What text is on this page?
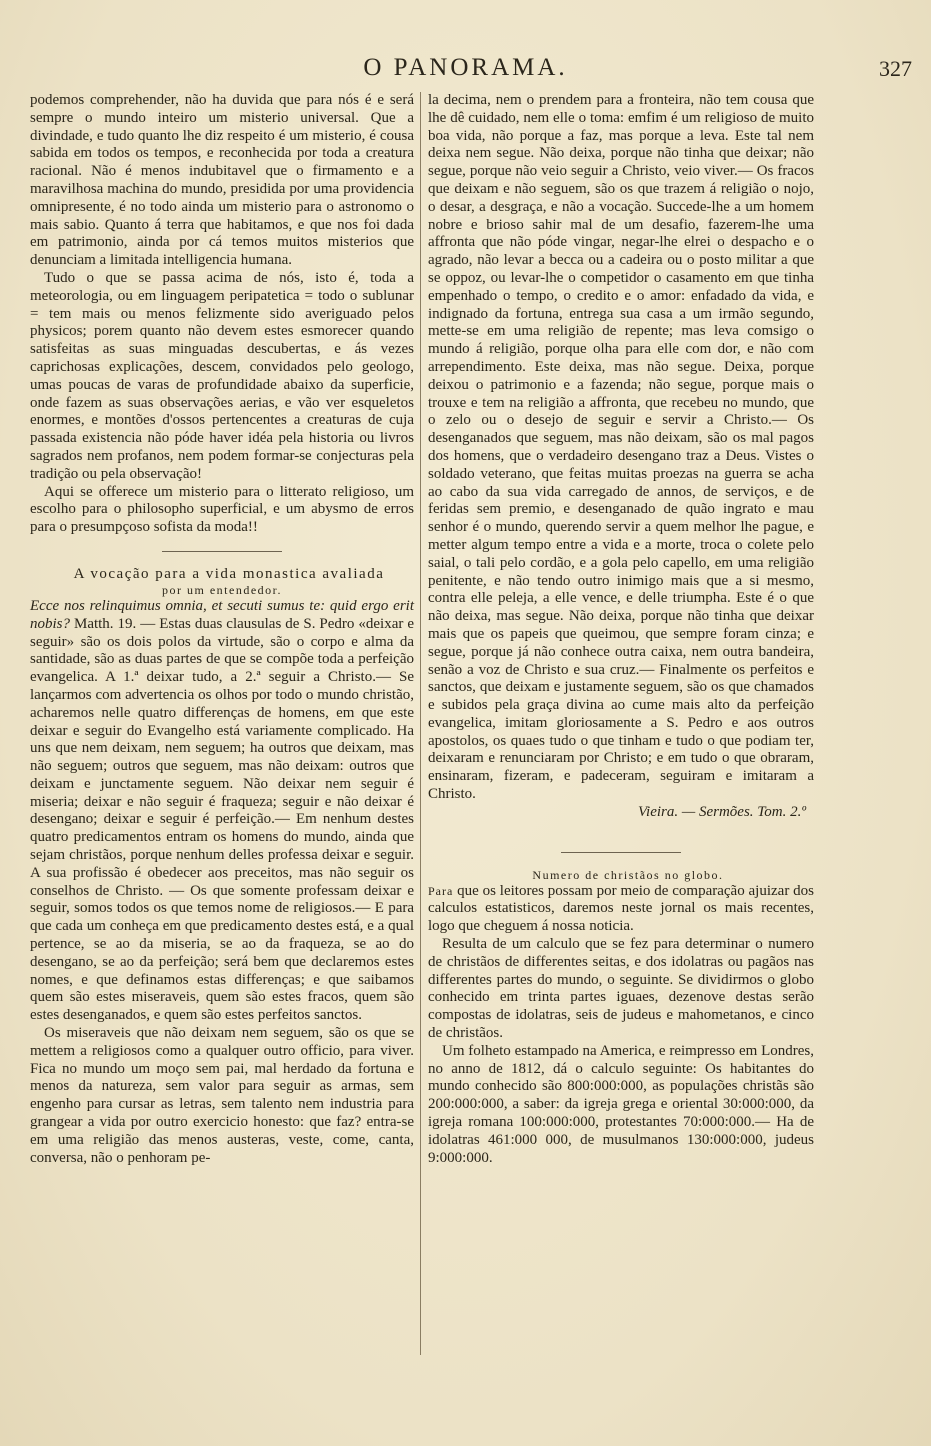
O PANORAMA.	327

podemos comprehender, não ha duvida que para nós é e será sempre o mundo inteiro um misterio universal. Que a divindade, e tudo quanto lhe diz respeito é um misterio, é cousa sabida em todos os tempos, e reconhecida por toda a creatura racional. Não é menos indubitavel que o firmamento e a maravilhosa machina do mundo, presidida por uma providencia omnipresente, é no todo ainda um misterio para o astronomo o mais sabio. Quanto á terra que habitamos, e que nos foi dada em patrimonio, ainda por cá temos muitos misterios que denunciam a limitada intelligencia humana.

Tudo o que se passa acima de nós, isto é, toda a meteorologia, ou em linguagem peripatetica = todo o sublunar = tem mais ou menos felizmente sido averiguado pelos physicos; porem quanto não devem estes esmorecer quando satisfeitas as suas minguadas descubertas, e ás vezes caprichosas explicações, descem, convidados pelo geologo, umas poucas de varas de profundidade abaixo da superficie, onde fazem as suas observações aerias, e vão ver esqueletos enormes, e montões d'ossos pertencentes a creaturas de cuja passada existencia não póde haver idéa pela historia ou livros sagrados nem profanos, nem podem formar-se conjecturas pela tradição ou pela observação!

Aqui se offerece um misterio para o litterato religioso, um escolho para o philosopho superficial, e um abysmo de erros para o presumpçoso sofista da moda!!

A vocação para a vida monastica avaliada
por um entendedor.

Ecce nos relinquimus omnia, et secuti sumus te: quid ergo erit nobis? Matth. 19. — Estas duas clausulas de S. Pedro «deixar e seguir» são os dois polos da virtude, são o corpo e alma da santidade, são as duas partes de que se compõe toda a perfeição evangelica. A 1.ª deixar tudo, a 2.ª seguir a Christo.— Se lançarmos com advertencia os olhos por todo o mundo christão, acharemos nelle quatro differenças de homens, em que este deixar e seguir do Evangelho está variamente complicado. Ha uns que nem deixam, nem seguem; ha outros que deixam, mas não seguem; outros que seguem, mas não deixam: outros que deixam e junctamente seguem. Não deixar nem seguir é miseria; deixar e não seguir é fraqueza; seguir e não deixar é desengano; deixar e seguir é perfeição.— Em nenhum destes quatro predicamentos entram os homens do mundo, ainda que sejam christãos, porque nenhum delles professa deixar e seguir. A sua profissão é obedecer aos preceitos, mas não seguir os conselhos de Christo. — Os que somente professam deixar e seguir, somos todos os que temos nome de religiosos.— E para que cada um conheça em que predicamento destes está, e a qual pertence, se ao da miseria, se ao da fraqueza, se ao do desengano, se ao da perfeição; será bem que declaremos estes nomes, e que definamos estas differenças; e que saibamos quem são estes miseraveis, quem são estes fracos, quem são estes desenganados, e quem são estes perfeitos sanctos.

Os miseraveis que não deixam nem seguem, são os que se mettem a religiosos como a qualquer outro officio, para viver. Fica no mundo um moço sem pai, mal herdado da fortuna e menos da natureza, sem valor para seguir as armas, sem engenho para cursar as letras, sem talento nem industria para grangear a vida por outro exercicio honesto: que faz? entra-se em uma religião das menos austeras, veste, come, canta, conversa, não o penhoram pe-

la decima, nem o prendem para a fronteira, não tem cousa que lhe dê cuidado, nem elle o toma: emfim é um religioso de muito boa vida, não porque a faz, mas porque a leva. Este tal nem deixa nem segue. Não deixa, porque não tinha que deixar; não segue, porque não veio seguir a Christo, veio viver.— Os fracos que deixam e não seguem, são os que trazem á religião o nojo, o desar, a desgraça, e não a vocação. Succede-lhe a um homem nobre e brioso sahir mal de um desafio, fazerem-lhe uma affronta que não póde vingar, negar-lhe elrei o despacho e o agrado, não levar a becca ou a cadeira ou o posto militar a que se oppoz, ou levar-lhe o competidor o casamento em que tinha empenhado o tempo, o credito e o amor: enfadado da vida, e indignado da fortuna, entrega sua casa a um irmão segundo, mette-se em uma religião de repente; mas leva comsigo o mundo á religião, porque olha para elle com dor, e não com arrependimento. Este deixa, mas não segue. Deixa, porque deixou o patrimonio e a fazenda; não segue, porque mais o trouxe e tem na religião a affronta, que recebeu no mundo, que o zelo ou o desejo de seguir e servir a Christo.— Os desenganados que seguem, mas não deixam, são os mal pagos dos homens, que o verdadeiro desengano traz a Deus. Vistes o soldado veterano, que feitas muitas proezas na guerra se acha ao cabo da sua vida carregado de annos, de serviços, e de feridas sem premio, e desenganado de quão ingrato e mau senhor é o mundo, querendo servir a quem melhor lhe pague, e metter algum tempo entre a vida e a morte, troca o colete pelo saial, o tali pelo cordão, e a gola pelo capello, em uma religião penitente, e não tendo outro inimigo mais que a si mesmo, contra elle peleja, a elle vence, e delle triumpha. Este é o que não deixa, mas segue. Não deixa, porque não tinha que deixar mais que os papeis que queimou, que sempre foram cinza; e segue, porque já não conhece outra caixa, nem outra bandeira, senão a voz de Christo e sua cruz.— Finalmente os perfeitos e sanctos, que deixam e justamente seguem, são os que chamados e subidos pela graça divina ao cume mais alto da perfeição evangelica, imitam gloriosamente a S. Pedro e aos outros apostolos, os quaes tudo o que tinham e tudo o que podiam ter, deixaram e renunciaram por Christo; e em tudo o que obraram, ensinaram, fizeram, e padeceram, seguiram e imitaram a Christo.

Vieira. — Sermões. Tom. 2.º

Numero de christãos no globo.

Para que os leitores possam por meio de comparação ajuizar dos calculos estatisticos, daremos neste jornal os mais recentes, logo que cheguem á nossa noticia.

Resulta de um calculo que se fez para determinar o numero de christãos de differentes seitas, e dos idolatras ou pagãos nas differentes partes do mundo, o seguinte. Se dividirmos o globo conhecido em trinta partes iguaes, dezenove destas serão compostas de idolatras, seis de judeus e mahometanos, e cinco de christãos.

Um folheto estampado na America, e reimpresso em Londres, no anno de 1812, dá o calculo seguinte: Os habitantes do mundo conhecido são 800:000:000, as populações christãs são 200:000:000, a saber: da igreja grega e oriental 30:000:000, da igreja romana 100:000:000, protestantes 70:000:000.— Ha de idolatras 461:000 000, de musulmanos 130:000:000, judeus 9:000:000.
